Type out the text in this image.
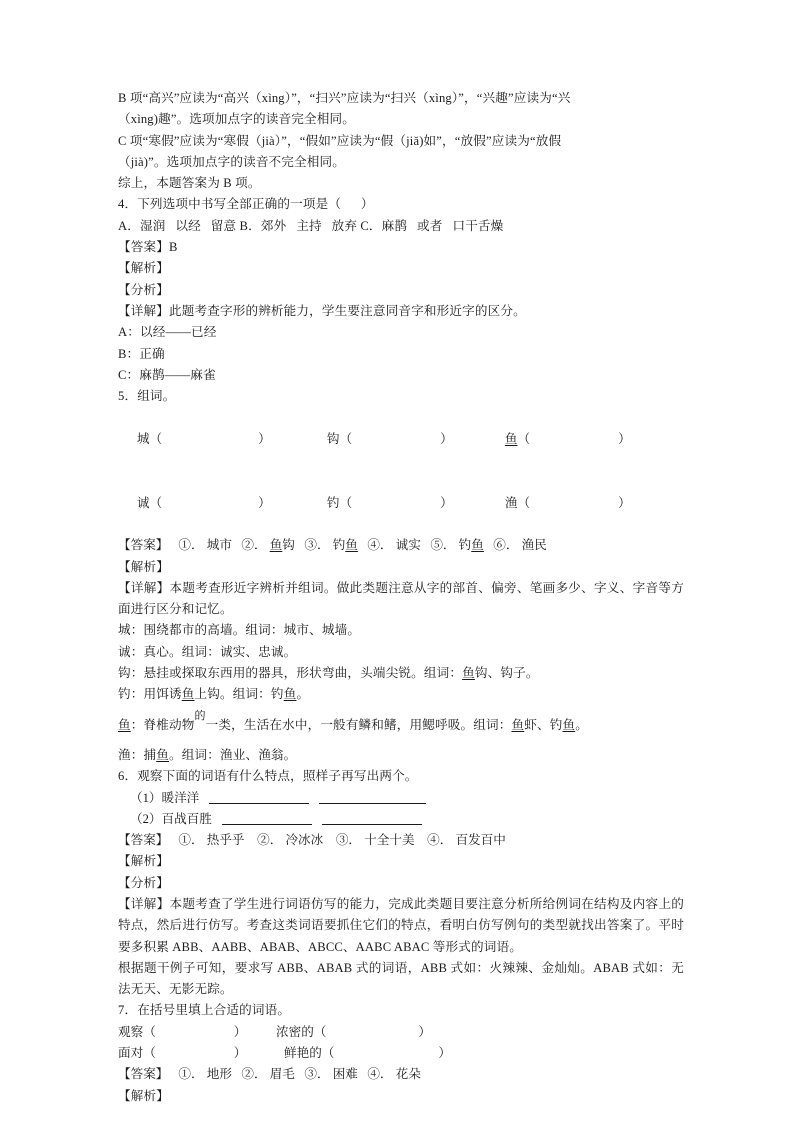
B 项“高兴”应读为“高兴（xìng）”，“扫兴”应读为“扫兴（xìng）”，“兴趣”应读为“兴
（xìng)趣”。选项加点字的读音完全相同。
C 项“寒假”应读为“寒假（jià）”，“假如”应读为“假（jiǎ)如”，“放假”应读为“放假
（jià)”。选项加点字的读音不完全相同。
综上，本题答案为 B 项。
4．下列选项中书写全部正确的一项是（      ）
A．湿润   以经   留意 B．郊外   主持   放弃 C．麻鹊   或者   口干舌燥
【答案】B
【解析】
【分析】
【详解】此题考查字形的辨析能力，学生要注意同音字和形近字的区分。
A：以经——已经
B：正确
C：麻鹊——麻雀
5．组词。

城（	）	钩（	）	鱼（	）

诚（	）	钓（	）	渔（	）

【答案】 ①． 城市 ②． 鱼钩 ③． 钓鱼 ④． 诚实 ⑤． 钓鱼 ⑥． 渔民
【解析】
【详解】本题考查形近字辨析并组词。做此类题注意从字的部首、偏旁、笔画多少、字义、字音等方面进行区分和记忆。
城：围绕都市的高墙。组词：城市、城墙。
诚：真心。组词：诚实、忠诚。
钩：悬挂或探取东西用的器具，形状弯曲，头端尖锐。组词：鱼钩、钩子。
钓：用饵诱鱼上钩。组词：钓鱼。
鱼：脊椎动物的一类，生活在水中，一般有鳞和鳍，用鳃呼吸。组词：鱼虾、钓鱼。
渔：捕鱼。组词：渔业、渔翁。
6．观察下面的词语有什么特点，照样子再写出两个。
（1）暖洋洋
（2）百战百胜
【答案】 ①． 热乎乎 ②． 冷冰冰 ③． 十全十美 ④． 百发百中
【解析】
【分析】
【详解】本题考查了学生进行词语仿写的能力，完成此类题目要注意分析所给例词在结构及内容上的特点，然后进行仿写。考查这类词语要抓住它们的特点，看明白仿写例句的类型就找出答案了。平时要多积累 ABB、AABB、ABAB、ABCC、AABC ABAC 等形式的词语。
根据题干例子可知，要求写 ABB、ABAB 式的词语，ABB 式如：火辣辣、金灿灿。ABAB 式如：无法无天、无影无踪。
7．在括号里填上合适的词语。
观察（	） 浓密的（	）
面对（	）	鲜艳的（	）
【答案】 ①． 地形 ②． 眉毛 ③． 困难 ④． 花朵
【解析】
